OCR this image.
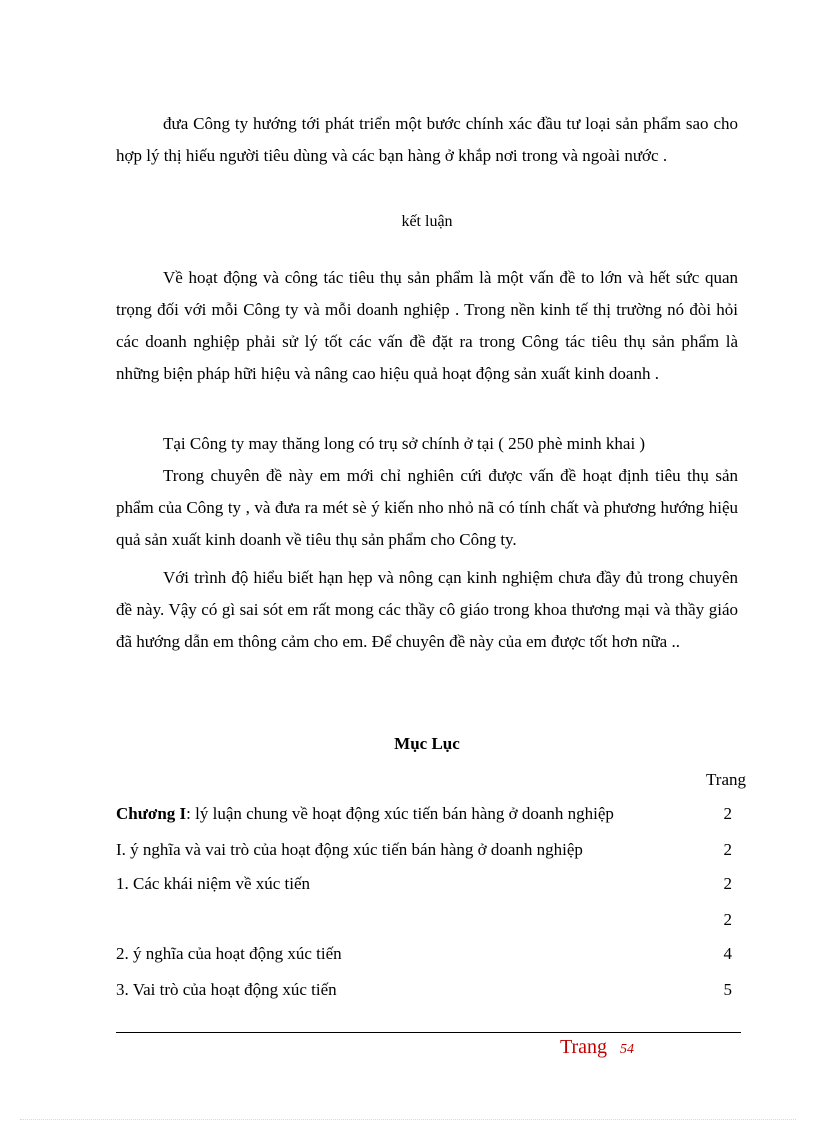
đưa Công ty hướng tới phát triển một bước chính xác đầu tư loại sản phẩm sao cho hợp lý thị hiếu người tiêu dùng và các bạn hàng ở khắp nơi trong và ngoài nước .

kết luận

Về hoạt động và công tác tiêu thụ sản phẩm là một vấn đề to lớn và hết sức quan trọng đối với mỗi Công ty và mỗi doanh nghiệp . Trong nền kinh tế thị trường nó đòi hỏi các doanh nghiệp phải sử lý tốt các vấn đề đặt ra trong Công tác tiêu thụ sản phẩm là những biện pháp hữi hiệu và nâng cao hiệu quả hoạt động sản xuất kinh doanh .

Tại Công ty may thăng long có trụ sở chính ở tại ( 250 phè minh khai )

Trong chuyên đề này em mới chỉ nghiên cứi được vấn đề hoạt định tiêu thụ sản phẩm của Công ty , và đưa ra mét sè ý kiến nho nhỏ nã có tính chất và phương hướng hiệu quả sản xuất kinh doanh về tiêu thụ sản phẩm cho Công ty.

Với trình độ hiểu biết hạn hẹp và nông cạn kinh nghiệm chưa đầy đủ trong chuyên đề này. Vậy có gì sai sót em rất mong các thầy cô giáo trong khoa thương mại và thầy giáo đã hướng dẫn em thông cảm cho em. Để chuyên đề này của em được tốt hơn nữa ..

Mục Lục
Trang
Chương I: lý luận chung về hoạt động xúc tiến bán hàng ở doanh nghiệp	2
I. ý nghĩa và vai trò của hoạt động xúc tiến bán hàng ở doanh nghiệp	2
1. Các khái niệm về xúc tiến	2
2
2. ý nghĩa của hoạt động xúc tiến	4
3. Vai trò của hoạt động xúc tiến	5
Trang 54
